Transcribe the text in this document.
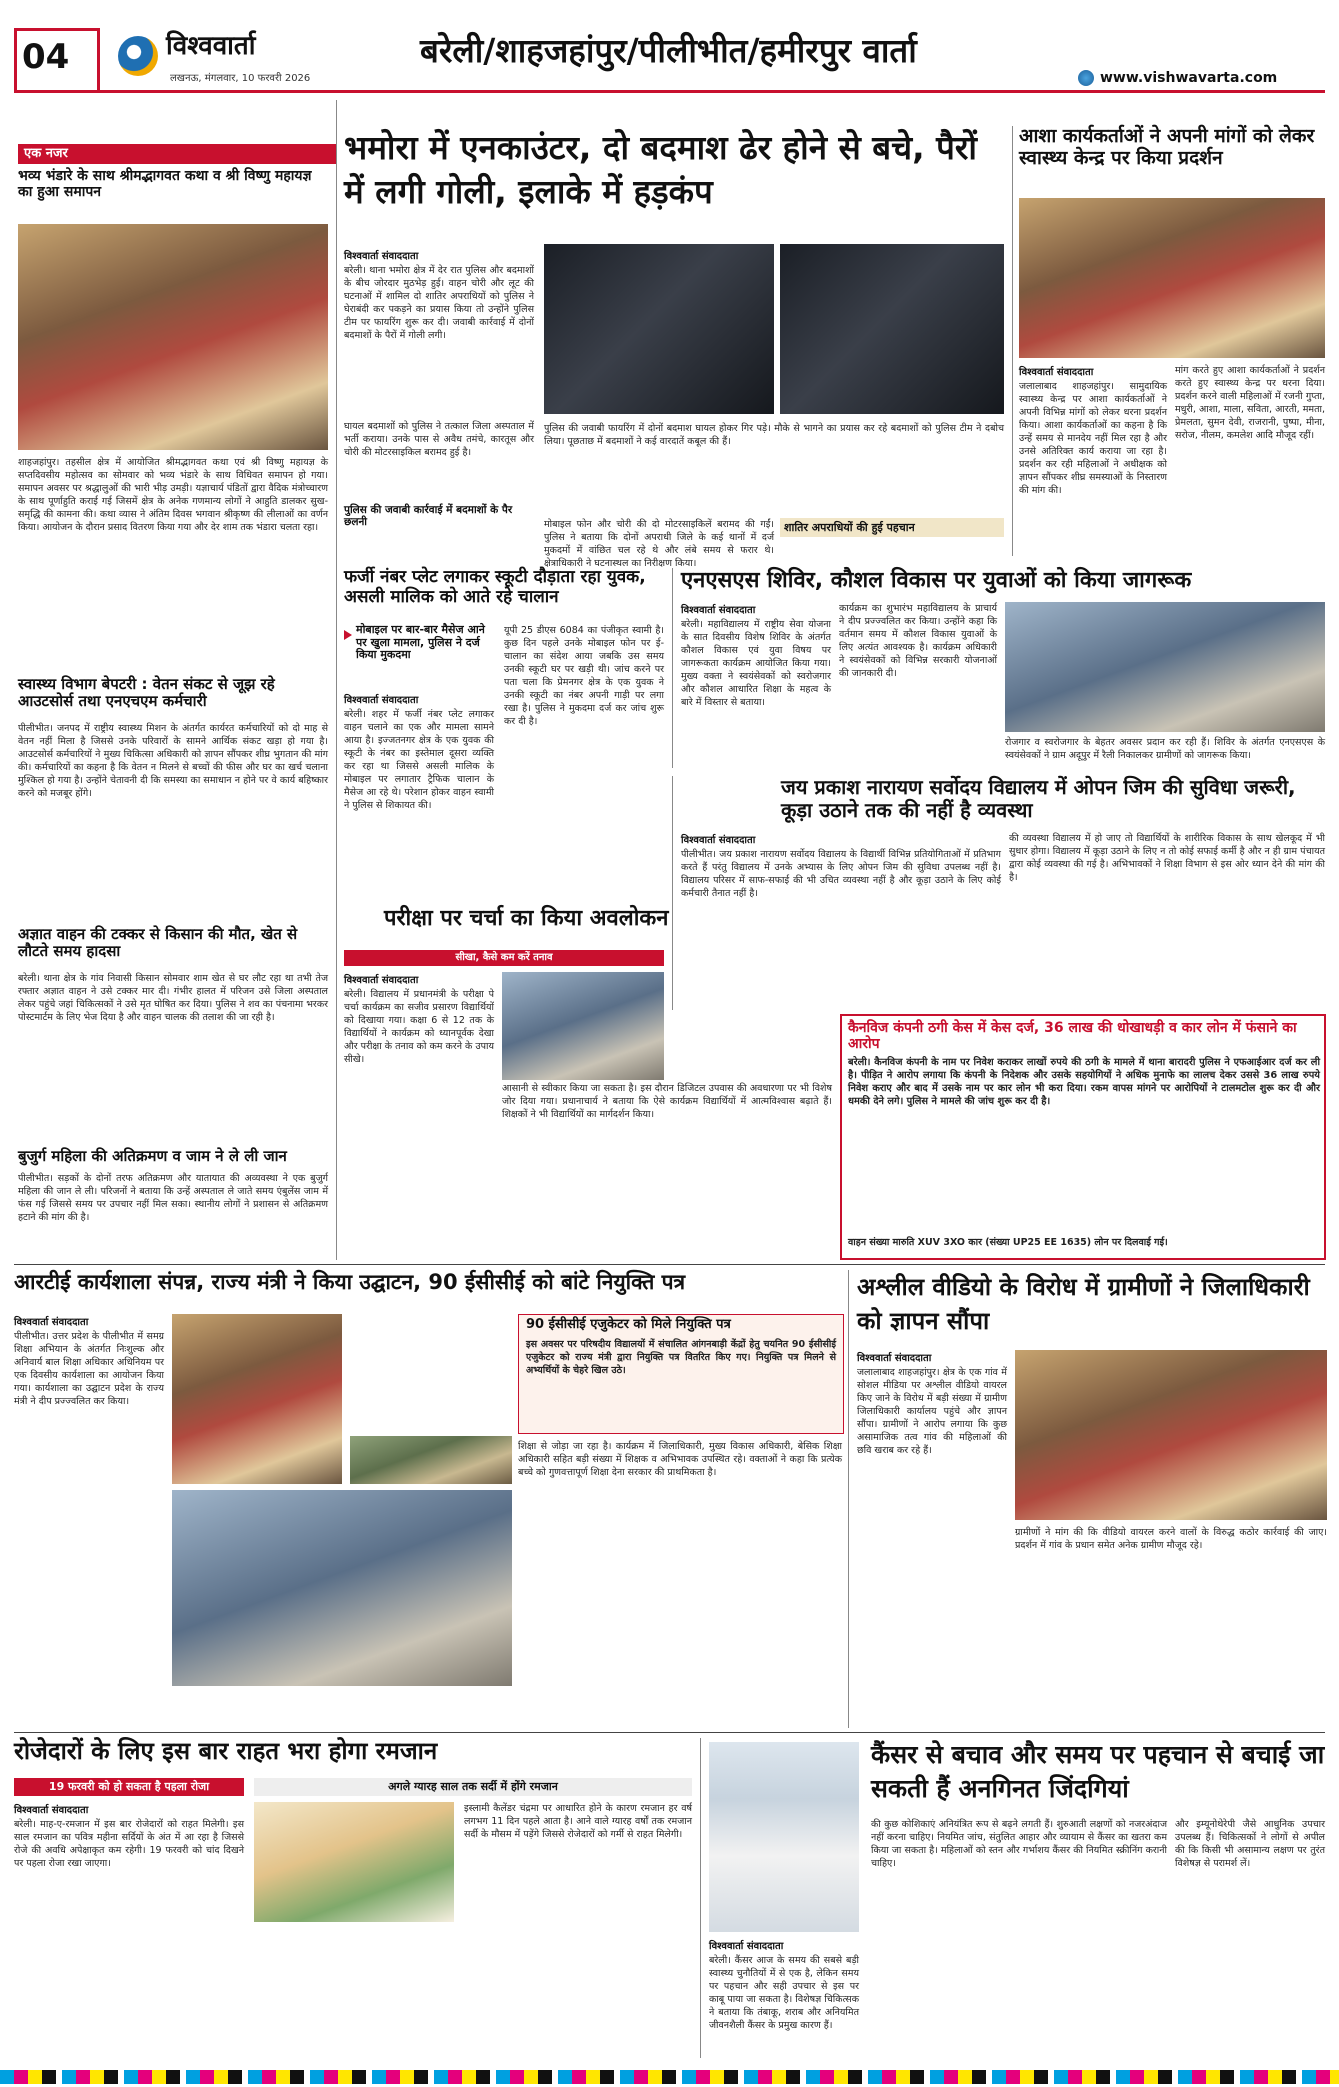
04	विश्ववार्ता
लखनऊ, मंगलवार, 10 फरवरी 2026
बरेली/शाहजहांपुर/पीलीभीत/हमीरपुर वार्ता
www.vishwavarta.com
एक नजर
भव्य भंडारे के साथ श्रीमद्भागवत कथा व श्री विष्णु महायज्ञ का हुआ समापन
शाहजहांपुर। तहसील क्षेत्र में आयोजित श्रीमद्भागवत कथा एवं श्री विष्णु महायज्ञ के सप्तदिवसीय महोत्सव का सोमवार को भव्य भंडारे के साथ विधिवत समापन हो गया। समापन अवसर पर श्रद्धालुओं की भारी भीड़ उमड़ी। यज्ञाचार्य पंडितों द्वारा वैदिक मंत्रोच्चारण के साथ पूर्णाहुति कराई गई जिसमें क्षेत्र के अनेक गणमान्य लोगों ने आहुति डालकर सुख-समृद्धि की कामना की। कथा व्यास ने अंतिम दिवस भगवान श्रीकृष्ण की लीलाओं का वर्णन किया। आयोजन के दौरान प्रसाद वितरण किया गया और देर शाम तक भंडारा चलता रहा।
स्वास्थ्य विभाग बेपटरी : वेतन संकट से जूझ रहे आउटसोर्स तथा एनएचएम कर्मचारी
पीलीभीत। जनपद में राष्ट्रीय स्वास्थ्य मिशन के अंतर्गत कार्यरत कर्मचारियों को दो माह से वेतन नहीं मिला है जिससे उनके परिवारों के सामने आर्थिक संकट खड़ा हो गया है। आउटसोर्स कर्मचारियों ने मुख्य चिकित्सा अधिकारी को ज्ञापन सौंपकर शीघ्र भुगतान की मांग की। कर्मचारियों का कहना है कि वेतन न मिलने से बच्चों की फीस और घर का खर्च चलाना मुश्किल हो गया है। उन्होंने चेतावनी दी कि समस्या का समाधान न होने पर वे कार्य बहिष्कार करने को मजबूर होंगे।
अज्ञात वाहन की टक्कर से किसान की मौत, खेत से लौटते समय हादसा
बरेली। थाना क्षेत्र के गांव निवासी किसान सोमवार शाम खेत से घर लौट रहा था तभी तेज रफ्तार अज्ञात वाहन ने उसे टक्कर मार दी। गंभीर हालत में परिजन उसे जिला अस्पताल लेकर पहुंचे जहां चिकित्सकों ने उसे मृत घोषित कर दिया। पुलिस ने शव का पंचनामा भरकर पोस्टमार्टम के लिए भेज दिया है और वाहन चालक की तलाश की जा रही है।
बुजुर्ग महिला की अतिक्रमण व जाम ने ले ली जान
पीलीभीत। सड़कों के दोनों तरफ अतिक्रमण और यातायात की अव्यवस्था ने एक बुजुर्ग महिला की जान ले ली। परिजनों ने बताया कि उन्हें अस्पताल ले जाते समय एंबुलेंस जाम में फंस गई जिससे समय पर उपचार नहीं मिल सका। स्थानीय लोगों ने प्रशासन से अतिक्रमण हटाने की मांग की है।
भमोरा में एनकाउंटर, दो बदमाश ढेर होने से बचे, पैरों में लगी गोली, इलाके में हड़कंप
विश्ववार्ता संवाददाता
बरेली। थाना भमोरा क्षेत्र में देर रात पुलिस और बदमाशों के बीच जोरदार मुठभेड़ हुई। वाहन चोरी और लूट की घटनाओं में शामिल दो शातिर अपराधियों को पुलिस ने घेराबंदी कर पकड़ने का प्रयास किया तो उन्होंने पुलिस टीम पर फायरिंग शुरू कर दी। जवाबी कार्रवाई में दोनों बदमाशों के पैरों में गोली लगी।
घायल बदमाशों को पुलिस ने तत्काल जिला अस्पताल में भर्ती कराया। उनके पास से अवैध तमंचे, कारतूस और चोरी की मोटरसाइकिल बरामद हुई है।
पुलिस की जवाबी कार्रवाई में बदमाशों के पैर छलनी
पुलिस की जवाबी फायरिंग में दोनों बदमाश घायल होकर गिर पड़े। मौके से भागने का प्रयास कर रहे बदमाशों को पुलिस टीम ने दबोच लिया। पूछताछ में बदमाशों ने कई वारदातें कबूल की हैं।
शातिर अपराधियों की हुई पहचान
मोबाइल फोन और चोरी की दो मोटरसाइकिलें बरामद की गईं। पुलिस ने बताया कि दोनों अपराधी जिले के कई थानों में दर्ज मुकदमों में वांछित चल रहे थे और लंबे समय से फरार थे। क्षेत्राधिकारी ने घटनास्थल का निरीक्षण किया।
आशा कार्यकर्ताओं ने अपनी मांगों को लेकर स्वास्थ्य केन्द्र पर किया प्रदर्शन
विश्ववार्ता संवाददाता
जलालाबाद शाहजहांपुर। सामुदायिक स्वास्थ्य केन्द्र पर आशा कार्यकर्ताओं ने अपनी विभिन्न मांगों को लेकर धरना प्रदर्शन किया। आशा कार्यकर्ताओं का कहना है कि उन्हें समय से मानदेय नहीं मिल रहा है और उनसे अतिरिक्त कार्य कराया जा रहा है। प्रदर्शन कर रही महिलाओं ने अधीक्षक को ज्ञापन सौंपकर शीघ्र समस्याओं के निस्तारण की मांग की।
मांग करते हुए आशा कार्यकर्ताओं ने प्रदर्शन करते हुए स्वास्थ्य केन्द्र पर धरना दिया। प्रदर्शन करने वाली महिलाओं में रजनी गुप्ता, मधुरी, आशा, माला, सविता, आरती, ममता, प्रेमलता, सुमन देवी, राजरानी, पुष्पा, मीना, सरोज, नीलम, कमलेश आदि मौजूद रहीं।
फर्जी नंबर प्लेट लगाकर स्कूटी दौड़ाता रहा युवक, असली मालिक को आते रहे चालान
मोबाइल पर बार-बार मैसेज आने पर खुला मामला, पुलिस ने दर्ज किया मुकदमा
विश्ववार्ता संवाददाता
बरेली। शहर में फर्जी नंबर प्लेट लगाकर वाहन चलाने का एक और मामला सामने आया है। इज्जतनगर क्षेत्र के एक युवक की स्कूटी के नंबर का इस्तेमाल दूसरा व्यक्ति कर रहा था जिससे असली मालिक के मोबाइल पर लगातार ट्रैफिक चालान के मैसेज आ रहे थे। परेशान होकर वाहन स्वामी ने पुलिस से शिकायत की।
यूपी 25 डीएस 6084 का पंजीकृत स्वामी है। कुछ दिन पहले उनके मोबाइल फोन पर ई-चालान का संदेश आया जबकि उस समय उनकी स्कूटी घर पर खड़ी थी। जांच करने पर पता चला कि प्रेमनगर क्षेत्र के एक युवक ने उनकी स्कूटी का नंबर अपनी गाड़ी पर लगा रखा है। पुलिस ने मुकदमा दर्ज कर जांच शुरू कर दी है।
एनएसएस शिविर, कौशल विकास पर युवाओं को किया जागरूक
विश्ववार्ता संवाददाता
बरेली। महाविद्यालय में राष्ट्रीय सेवा योजना के सात दिवसीय विशेष शिविर के अंतर्गत कौशल विकास एवं युवा विषय पर जागरूकता कार्यक्रम आयोजित किया गया। मुख्य वक्ता ने स्वयंसेवकों को स्वरोजगार और कौशल आधारित शिक्षा के महत्व के बारे में विस्तार से बताया।
कार्यक्रम का शुभारंभ महाविद्यालय के प्राचार्य ने दीप प्रज्ज्वलित कर किया। उन्होंने कहा कि वर्तमान समय में कौशल विकास युवाओं के लिए अत्यंत आवश्यक है। कार्यक्रम अधिकारी ने स्वयंसेवकों को विभिन्न सरकारी योजनाओं की जानकारी दी।
रोजगार व स्वरोजगार के बेहतर अवसर प्रदान कर रही हैं। शिविर के अंतर्गत एनएसएस के स्वयंसेवकों ने ग्राम अदूपुर में रैली निकालकर ग्रामीणों को जागरूक किया।
जय प्रकाश नारायण सर्वोदय विद्यालय में ओपन जिम की सुविधा जरूरी, कूड़ा उठाने तक की नहीं है व्यवस्था
विश्ववार्ता संवाददाता
पीलीभीत। जय प्रकाश नारायण सर्वोदय विद्यालय के विद्यार्थी विभिन्न प्रतियोगिताओं में प्रतिभाग करते हैं परंतु विद्यालय में उनके अभ्यास के लिए ओपन जिम की सुविधा उपलब्ध नहीं है। विद्यालय परिसर में साफ-सफाई की भी उचित व्यवस्था नहीं है और कूड़ा उठाने के लिए कोई कर्मचारी तैनात नहीं है।
की व्यवस्था विद्यालय में हो जाए तो विद्यार्थियों के शारीरिक विकास के साथ खेलकूद में भी सुधार होगा। विद्यालय में कूड़ा उठाने के लिए न तो कोई सफाई कर्मी है और न ही ग्राम पंचायत द्वारा कोई व्यवस्था की गई है। अभिभावकों ने शिक्षा विभाग से इस ओर ध्यान देने की मांग की है।
परीक्षा पर चर्चा का किया अवलोकन
सीखा, कैसे कम करें तनाव
विश्ववार्ता संवाददाता
बरेली। विद्यालय में प्रधानमंत्री के परीक्षा पे चर्चा कार्यक्रम का सजीव प्रसारण विद्यार्थियों को दिखाया गया। कक्षा 6 से 12 तक के विद्यार्थियों ने कार्यक्रम को ध्यानपूर्वक देखा और परीक्षा के तनाव को कम करने के उपाय सीखे।
आसानी से स्वीकार किया जा सकता है। इस दौरान डिजिटल उपवास की अवधारणा पर भी विशेष जोर दिया गया। प्रधानाचार्य ने बताया कि ऐसे कार्यक्रम विद्यार्थियों में आत्मविश्वास बढ़ाते हैं। शिक्षकों ने भी विद्यार्थियों का मार्गदर्शन किया।
कैनविज कंपनी ठगी केस में केस दर्ज, 36 लाख की धोखाधड़ी व कार लोन में फंसाने का आरोप
बरेली। कैनविज कंपनी के नाम पर निवेश कराकर लाखों रुपये की ठगी के मामले में थाना बारादरी पुलिस ने एफआईआर दर्ज कर ली है। पीड़ित ने आरोप लगाया कि कंपनी के निदेशक और उसके सहयोगियों ने अधिक मुनाफे का लालच देकर उससे 36 लाख रुपये निवेश कराए और बाद में उसके नाम पर कार लोन भी करा दिया। रकम वापस मांगने पर आरोपियों ने टालमटोल शुरू कर दी और धमकी देने लगे। पुलिस ने मामले की जांच शुरू कर दी है।
वाहन संख्या मारुति XUV 3XO कार (संख्या UP25 EE 1635) लोन पर दिलवाई गई।
आरटीई कार्यशाला संपन्न, राज्य मंत्री ने किया उद्घाटन, 90 ईसीसीई को बांटे नियुक्ति पत्र
विश्ववार्ता संवाददाता
पीलीभीत। उत्तर प्रदेश के पीलीभीत में समग्र शिक्षा अभियान के अंतर्गत निःशुल्क और अनिवार्य बाल शिक्षा अधिकार अधिनियम पर एक दिवसीय कार्यशाला का आयोजन किया गया। कार्यशाला का उद्घाटन प्रदेश के राज्य मंत्री ने दीप प्रज्ज्वलित कर किया।
90 ईसीसीई एजुकेटर को मिले नियुक्ति पत्र
इस अवसर पर परिषदीय विद्यालयों में संचालित आंगनबाड़ी केंद्रों हेतु चयनित 90 ईसीसीई एजुकेटर को राज्य मंत्री द्वारा नियुक्ति पत्र वितरित किए गए। नियुक्ति पत्र मिलने से अभ्यर्थियों के चेहरे खिल उठे।
शिक्षा से जोड़ा जा रहा है। कार्यक्रम में जिलाधिकारी, मुख्य विकास अधिकारी, बेसिक शिक्षा अधिकारी सहित बड़ी संख्या में शिक्षक व अभिभावक उपस्थित रहे। वक्ताओं ने कहा कि प्रत्येक बच्चे को गुणवत्तापूर्ण शिक्षा देना सरकार की प्राथमिकता है।
अश्लील वीडियो के विरोध में ग्रामीणों ने जिलाधिकारी को ज्ञापन सौंपा
विश्ववार्ता संवाददाता
जलालाबाद शाहजहांपुर। क्षेत्र के एक गांव में सोशल मीडिया पर अश्लील वीडियो वायरल किए जाने के विरोध में बड़ी संख्या में ग्रामीण जिलाधिकारी कार्यालय पहुंचे और ज्ञापन सौंपा। ग्रामीणों ने आरोप लगाया कि कुछ असामाजिक तत्व गांव की महिलाओं की छवि खराब कर रहे हैं।
ग्रामीणों ने मांग की कि वीडियो वायरल करने वालों के विरुद्ध कठोर कार्रवाई की जाए। प्रदर्शन में गांव के प्रधान समेत अनेक ग्रामीण मौजूद रहे।
रोजेदारों के लिए इस बार राहत भरा होगा रमजान
19 फरवरी को हो सकता है पहला रोजा	अगले ग्यारह साल तक सर्दी में होंगे रमजान
विश्ववार्ता संवाददाता
बरेली। माह-ए-रमजान में इस बार रोजेदारों को राहत मिलेगी। इस साल रमजान का पवित्र महीना सर्दियों के अंत में आ रहा है जिससे रोजे की अवधि अपेक्षाकृत कम रहेगी। 19 फरवरी को चांद दिखने पर पहला रोजा रखा जाएगा।
इस्लामी कैलेंडर चंद्रमा पर आधारित होने के कारण रमजान हर वर्ष लगभग 11 दिन पहले आता है। आने वाले ग्यारह वर्षों तक रमजान सर्दी के मौसम में पड़ेंगे जिससे रोजेदारों को गर्मी से राहत मिलेगी।
कैंसर से बचाव और समय पर पहचान से बचाई जा सकती हैं अनगिनत जिंदगियां
विश्ववार्ता संवाददाता
बरेली। कैंसर आज के समय की सबसे बड़ी स्वास्थ्य चुनौतियों में से एक है, लेकिन समय पर पहचान और सही उपचार से इस पर काबू पाया जा सकता है। विशेषज्ञ चिकित्सक ने बताया कि तंबाकू, शराब और अनियमित जीवनशैली कैंसर के प्रमुख कारण हैं।
की कुछ कोशिकाएं अनियंत्रित रूप से बढ़ने लगती हैं। शुरुआती लक्षणों को नजरअंदाज नहीं करना चाहिए। नियमित जांच, संतुलित आहार और व्यायाम से कैंसर का खतरा कम किया जा सकता है। महिलाओं को स्तन और गर्भाशय कैंसर की नियमित स्क्रीनिंग करानी चाहिए।
और इम्यूनोथेरेपी जैसे आधुनिक उपचार उपलब्ध हैं। चिकित्सकों ने लोगों से अपील की कि किसी भी असामान्य लक्षण पर तुरंत विशेषज्ञ से परामर्श लें।
